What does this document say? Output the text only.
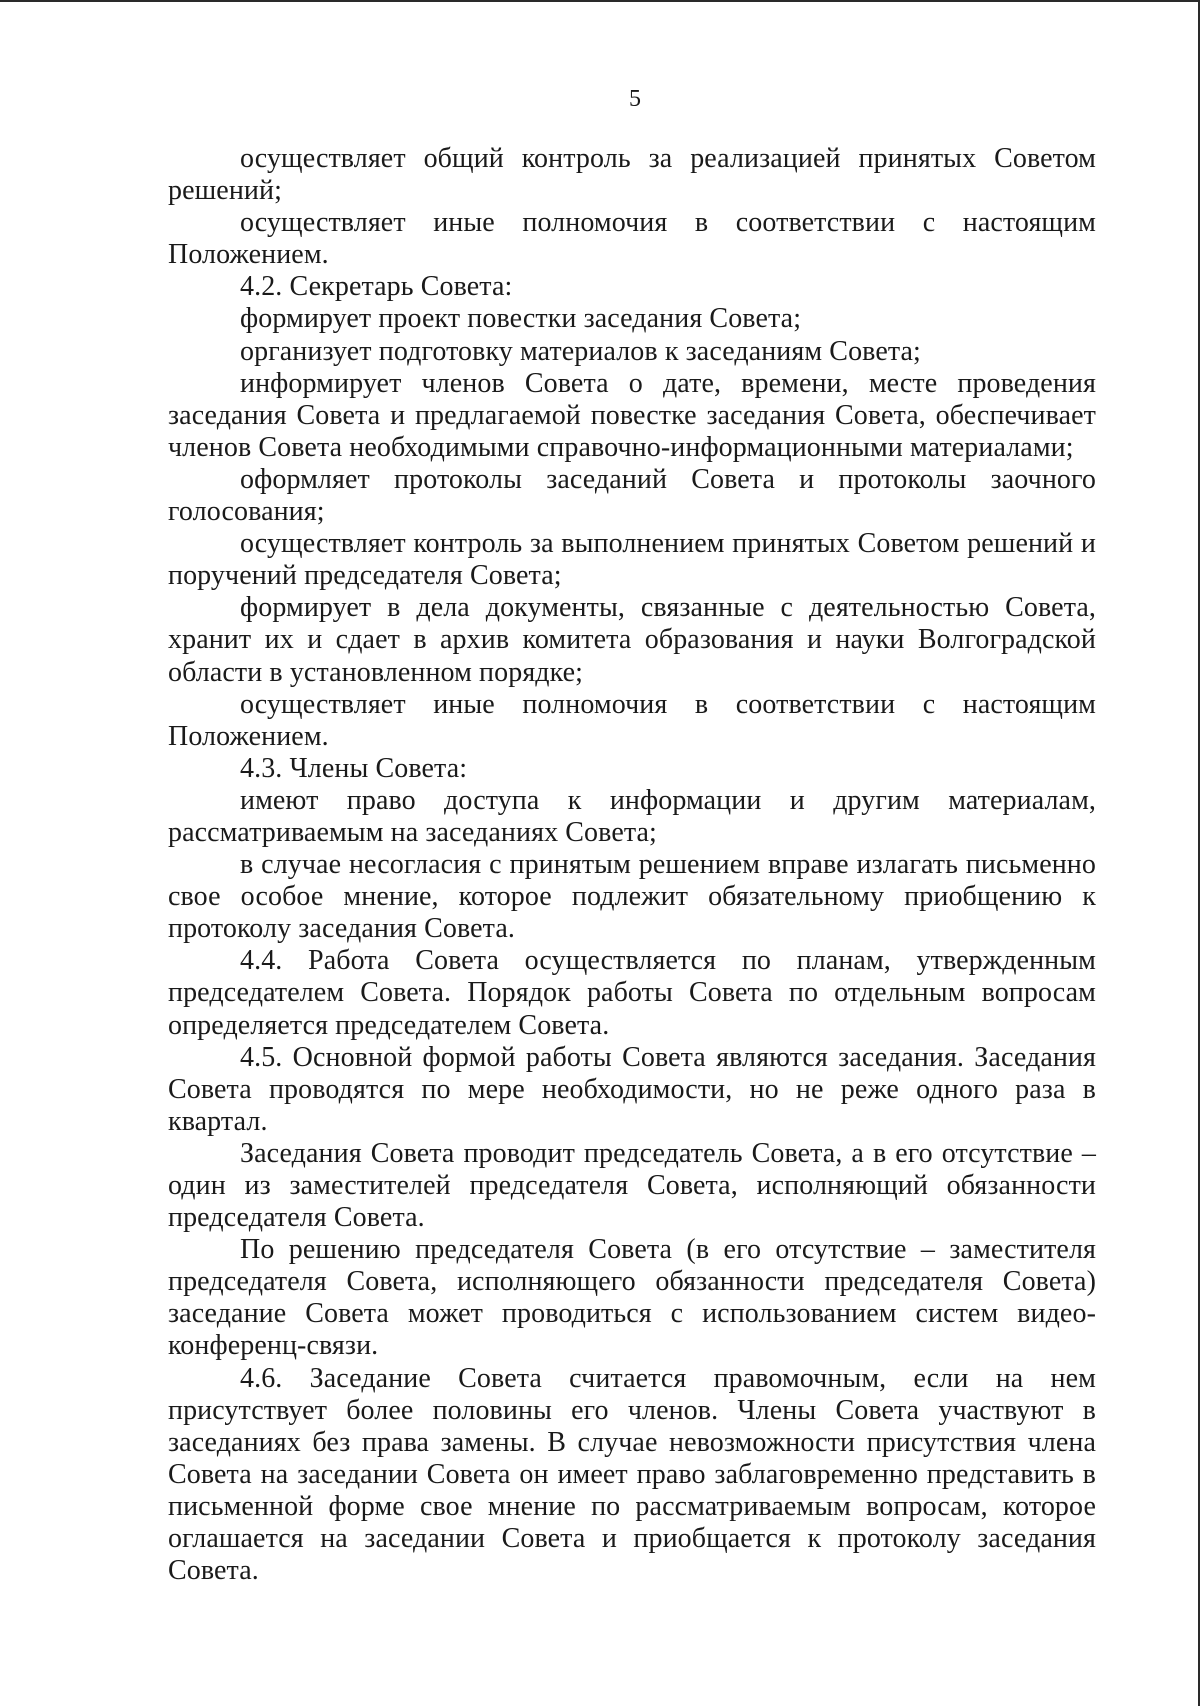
5

осуществляет общий контроль за реализацией принятых Советом решений;

осуществляет иные полномочия в соответствии с настоящим Положением.

4.2. Секретарь Совета:

формирует проект повестки заседания Совета;

организует подготовку материалов к заседаниям Совета;

информирует членов Совета о дате, времени, месте проведения заседания Совета и предлагаемой повестке заседания Совета, обеспечивает членов Совета необходимыми справочно-информационными материалами;

оформляет протоколы заседаний Совета и протоколы заочного голосования;

осуществляет контроль за выполнением принятых Советом решений и поручений председателя Совета;

формирует в дела документы, связанные с деятельностью Совета, хранит их и сдает в архив комитета образования и науки Волгоградской области в установленном порядке;

осуществляет иные полномочия в соответствии с настоящим Положением.

4.3. Члены Совета:

имеют право доступа к информации и другим материалам, рассматриваемым на заседаниях Совета;

в случае несогласия с принятым решением вправе излагать письменно свое особое мнение, которое подлежит обязательному приобщению к протоколу заседания Совета.

4.4. Работа Совета осуществляется по планам, утвержденным председателем Совета. Порядок работы Совета по отдельным вопросам определяется председателем Совета.

4.5. Основной формой работы Совета являются заседания. Заседания Совета проводятся по мере необходимости, но не реже одного раза в квартал.

Заседания Совета проводит председатель Совета, а в его отсутствие – один из заместителей председателя Совета, исполняющий обязанности председателя Совета.

По решению председателя Совета (в его отсутствие – заместителя председателя Совета, исполняющего обязанности председателя Совета) заседание Совета может проводиться с использованием систем видео-конференц-связи.

4.6. Заседание Совета считается правомочным, если на нем присутствует более половины его членов. Члены Совета участвуют в заседаниях без права замены. В случае невозможности присутствия члена Совета на заседании Совета он имеет право заблаговременно представить в письменной форме свое мнение по рассматриваемым вопросам, которое оглашается на заседании Совета и приобщается к протоколу заседания Совета.
